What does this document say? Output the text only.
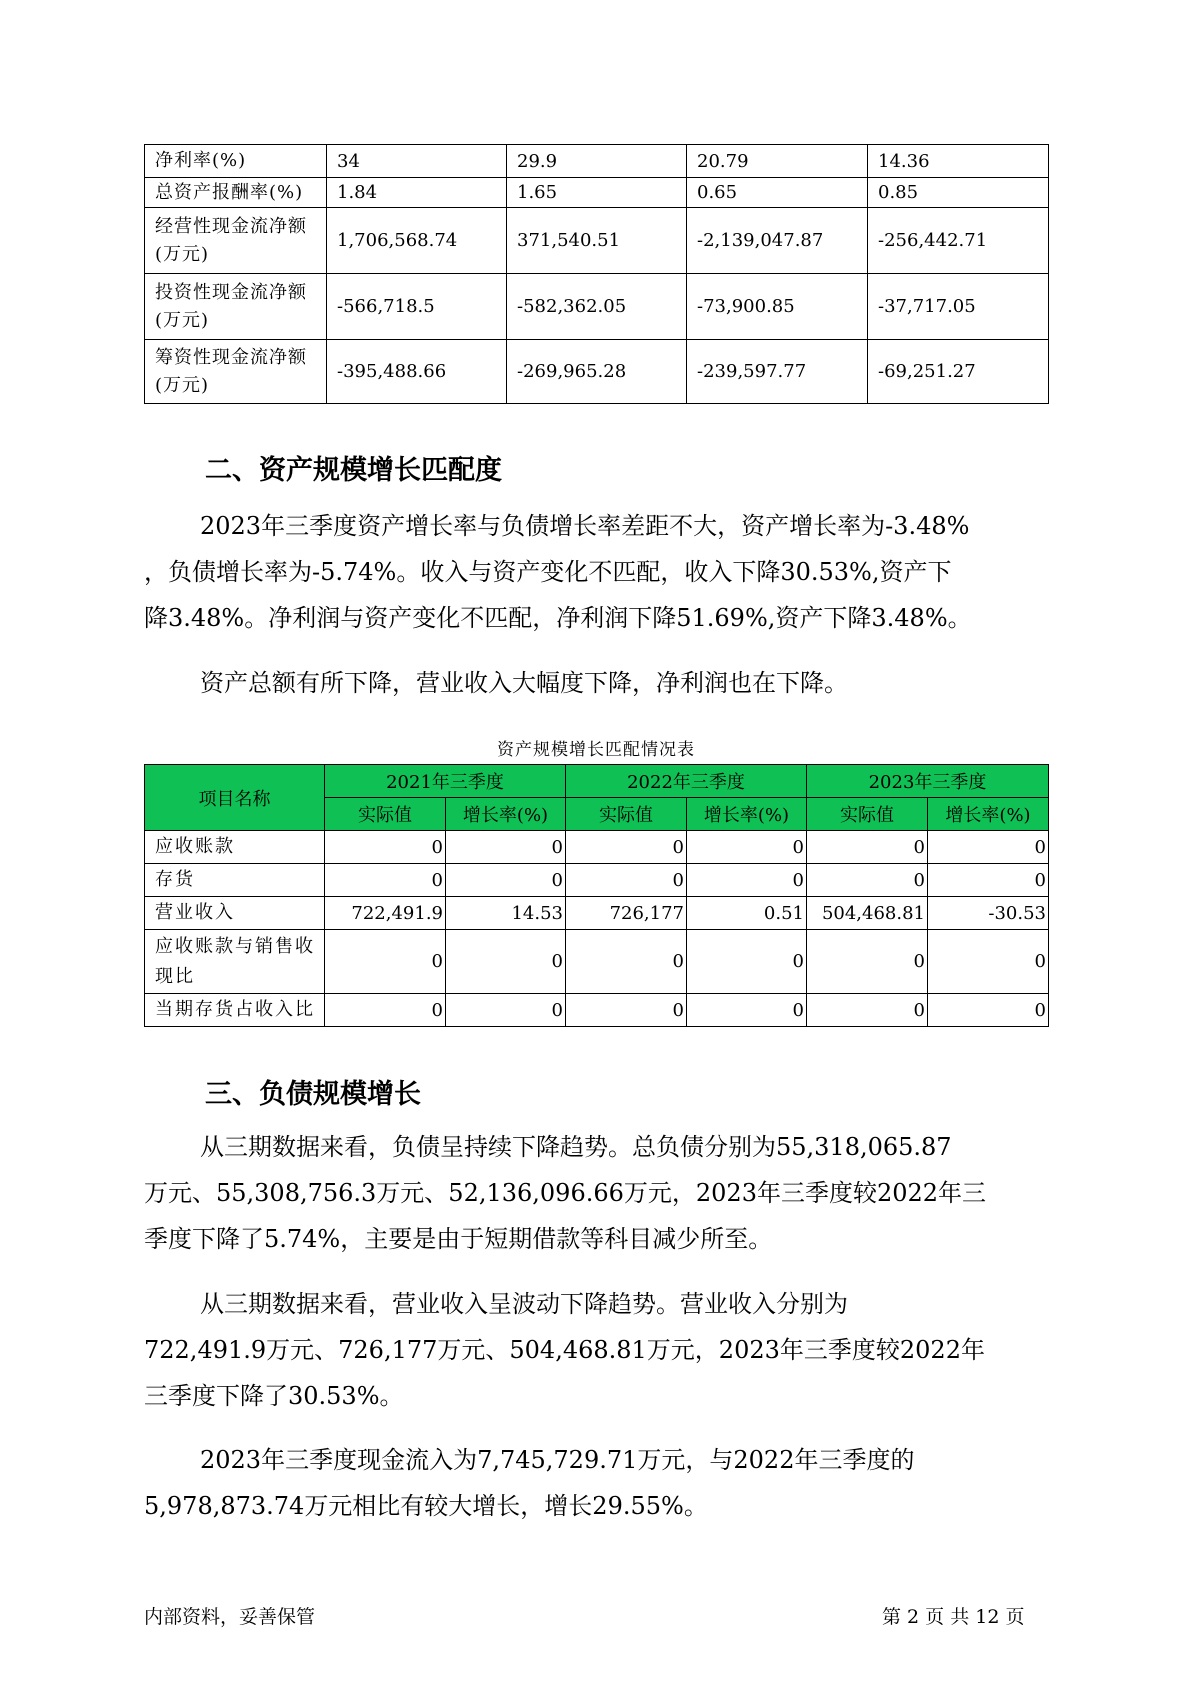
净利率(%)	34	29.9	20.79	14.36
总资产报酬率(%)	1.84	1.65	0.65	0.85
经营性现金流净额(万元)	1,706,568.74	371,540.51	-2,139,047.87	-256,442.71
投资性现金流净额(万元)	-566,718.5	-582,362.05	-73,900.85	-37,717.05
筹资性现金流净额(万元)	-395,488.66	-269,965.28	-239,597.77	-69,251.27
二、资产规模增长匹配度

2023年三季度资产增长率与负债增长率差距不大，资产增长率为-3.48%
，负债增长率为-5.74%。收入与资产变化不匹配，收入下降30.53%,资产下
降3.48%。净利润与资产变化不匹配，净利润下降51.69%,资产下降3.48%。

资产总额有所下降，营业收入大幅度下降，净利润也在下降。

资产规模增长匹配情况表
项目名称	2021年三季度		2022年三季度		2023年三季度	
	实际值	增长率(%)	实际值	增长率(%)	实际值	增长率(%)
应收账款	0	0	0	0	0	0
存货	0	0	0	0	0	0
营业收入	722,491.9	14.53	726,177	0.51	504,468.81	-30.53
应收账款与销售收现比	0	0	0	0	0	0
当期存货占收入比	0	0	0	0	0	0
三、负债规模增长

从三期数据来看，负债呈持续下降趋势。总负债分别为55,318,065.87
万元、55,308,756.3万元、52,136,096.66万元，2023年三季度较2022年三
季度下降了5.74%，主要是由于短期借款等科目减少所至。

从三期数据来看，营业收入呈波动下降趋势。营业收入分别为
722,491.9万元、726,177万元、504,468.81万元，2023年三季度较2022年
三季度下降了30.53%。

2023年三季度现金流入为7,745,729.71万元，与2022年三季度的
5,978,873.74万元相比有较大增长，增长29.55%。

内部资料，妥善保管	第 2 页 共 12 页
